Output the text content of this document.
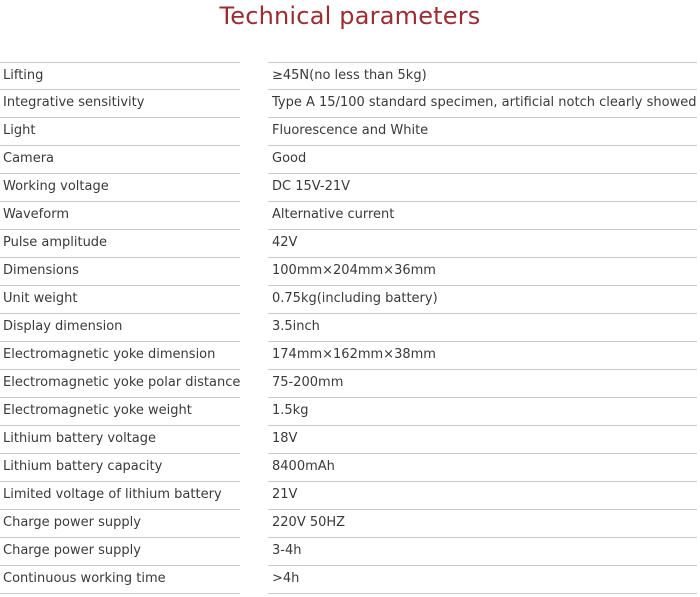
Technical parameters
Lifting	≥45N(no less than 5kg)
Integrative sensitivity	Type A 15/100 standard specimen, artificial notch clearly showed
Light	Fluorescence and White
Camera	Good
Working voltage	DC 15V-21V
Waveform	Alternative current
Pulse amplitude	42V
Dimensions	100mm×204mm×36mm
Unit weight	0.75kg(including battery)
Display dimension	3.5inch
Electromagnetic yoke dimension	174mm×162mm×38mm
Electromagnetic yoke polar distance	75-200mm
Electromagnetic yoke weight	1.5kg
Lithium battery voltage	18V
Lithium battery capacity	8400mAh
Limited voltage of lithium battery	21V
Charge power supply	220V 50HZ
Charge power supply	3-4h
Continuous working time	>4h
